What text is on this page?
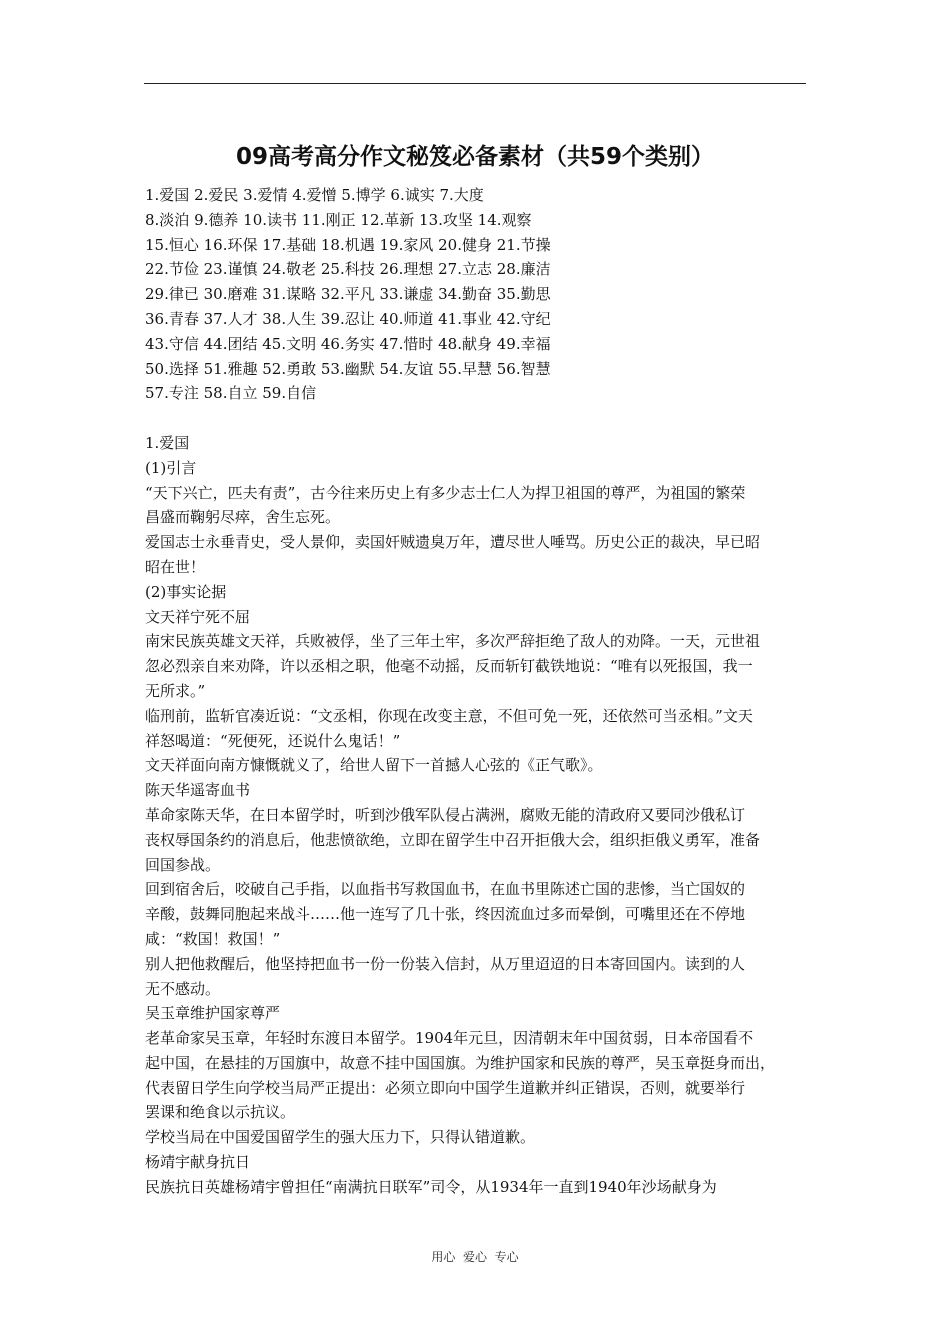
09高考高分作文秘笈必备素材（共59个类别）
1.爱国 2.爱民 3.爱情 4.爱憎 5.博学 6.诚实 7.大度
8.淡泊 9.德养 10.读书 11.刚正 12.革新 13.攻坚 14.观察
15.恒心 16.环保 17.基础 18.机遇 19.家风 20.健身 21.节操
22.节俭 23.谨慎 24.敬老 25.科技 26.理想 27.立志 28.廉洁
29.律已 30.磨难 31.谋略 32.平凡 33.谦虚 34.勤奋 35.勤思
36.青春 37.人才 38.人生 39.忍让 40.师道 41.事业 42.守纪
43.守信 44.团结 45.文明 46.务实 47.惜时 48.献身 49.幸福
50.选择 51.雅趣 52.勇敢 53.幽默 54.友谊 55.早慧 56.智慧
57.专注 58.自立 59.自信
1.爱国
(1)引言
“天下兴亡，匹夫有责”，古今往来历史上有多少志士仁人为捍卫祖国的尊严，为祖国的繁荣
昌盛而鞠躬尽瘁，舍生忘死。
爱国志士永垂青史，受人景仰，卖国奸贼遗臭万年，遭尽世人唾骂。历史公正的裁决，早已昭
昭在世！
(2)事实论据
文天祥宁死不屈
南宋民族英雄文天祥，兵败被俘，坐了三年土牢，多次严辞拒绝了敌人的劝降。一天，元世祖
忽必烈亲自来劝降，许以丞相之职，他毫不动摇，反而斩钉截铁地说：“唯有以死报国，我一
无所求。”
临刑前，监斩官凑近说：“文丞相，你现在改变主意，不但可免一死，还依然可当丞相。”文天
祥怒喝道：“死便死，还说什么鬼话！”
文天祥面向南方慷慨就义了，给世人留下一首撼人心弦的《正气歌》。
陈天华遥寄血书
革命家陈天华，在日本留学时，听到沙俄军队侵占满洲，腐败无能的清政府又要同沙俄私订
丧权辱国条约的消息后，他悲愤欲绝，立即在留学生中召开拒俄大会，组织拒俄义勇军，准备
回国参战。
回到宿舍后，咬破自己手指，以血指书写救国血书，在血书里陈述亡国的悲惨，当亡国奴的
辛酸，鼓舞同胞起来战斗……他一连写了几十张，终因流血过多而晕倒，可嘴里还在不停地
咸：“救国！救国！”
别人把他救醒后，他坚持把血书一份一份装入信封，从万里迢迢的日本寄回国内。读到的人
无不感动。
吴玉章维护国家尊严
老革命家吴玉章，年轻时东渡日本留学。1904年元旦，因清朝末年中国贫弱，日本帝国看不
起中国，在悬挂的万国旗中，故意不挂中国国旗。为维护国家和民族的尊严，吴玉章挺身而出，
代表留日学生向学校当局严正提出：必须立即向中国学生道歉并纠正错误，否则，就要举行
罢课和绝食以示抗议。
学校当局在中国爱国留学生的强大压力下，只得认错道歉。
杨靖宇献身抗日
民族抗日英雄杨靖宇曾担任“南满抗日联军”司令，从1934年一直到1940年沙场献身为
用心  爱心  专心
